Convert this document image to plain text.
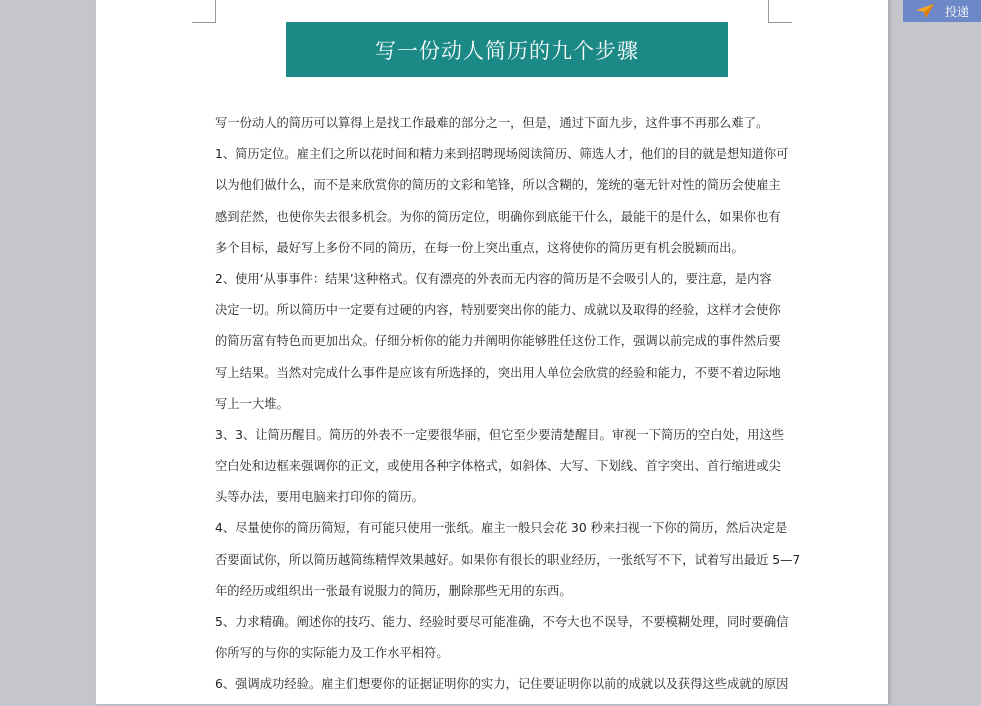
写一份动人简历的九个步骤
写一份动人的简历可以算得上是找工作最难的部分之一，但是，通过下面九步，这件事不再那么难了。
1、简历定位。雇主们之所以花时间和精力来到招聘现场阅读简历、筛选人才，他们的目的就是想知道你可
以为他们做什么，而不是来欣赏你的简历的文彩和笔锋，所以含糊的，笼统的毫无针对性的简历会使雇主
感到茫然，也使你失去很多机会。为你的简历定位，明确你到底能干什么，最能干的是什么，如果你也有
多个目标，最好写上多份不同的简历，在每一份上突出重点，这将使你的简历更有机会脱颖而出。
2、使用‘从事事件：结果’这种格式。仅有漂亮的外表而无内容的简历是不会吸引人的，要注意，是内容
决定一切。所以简历中一定要有过硬的内容，特别要突出你的能力、成就以及取得的经验，这样才会使你
的简历富有特色而更加出众。仔细分析你的能力并阐明你能够胜任这份工作，强调以前完成的事件然后要
写上结果。当然对完成什么事件是应该有所选择的，突出用人单位会欣赏的经验和能力，不要不着边际地
写上一大堆。
3、3、让简历醒目。简历的外表不一定要很华丽，但它至少要清楚醒目。审视一下简历的空白处，用这些
空白处和边框来强调你的正文，或使用各种字体格式，如斜体、大写、下划线、首字突出、首行缩进或尖
头等办法，要用电脑来打印你的简历。
4、尽量使你的简历简短，有可能只使用一张纸。雇主一般只会花 30 秒来扫视一下你的简历，然后决定是
否要面试你，所以简历越简练精悍效果越好。如果你有很长的职业经历，一张纸写不下，试着写出最近 5—7
年的经历或组织出一张最有说服力的简历，删除那些无用的东西。
5、力求精确。阐述你的技巧、能力、经验时要尽可能准确，不夸大也不误导，不要模糊处理，同时要确信
你所写的与你的实际能力及工作水平相符。
6、强调成功经验。雇主们想要你的证据证明你的实力，记住要证明你以前的成就以及获得这些成就的原因
投递
